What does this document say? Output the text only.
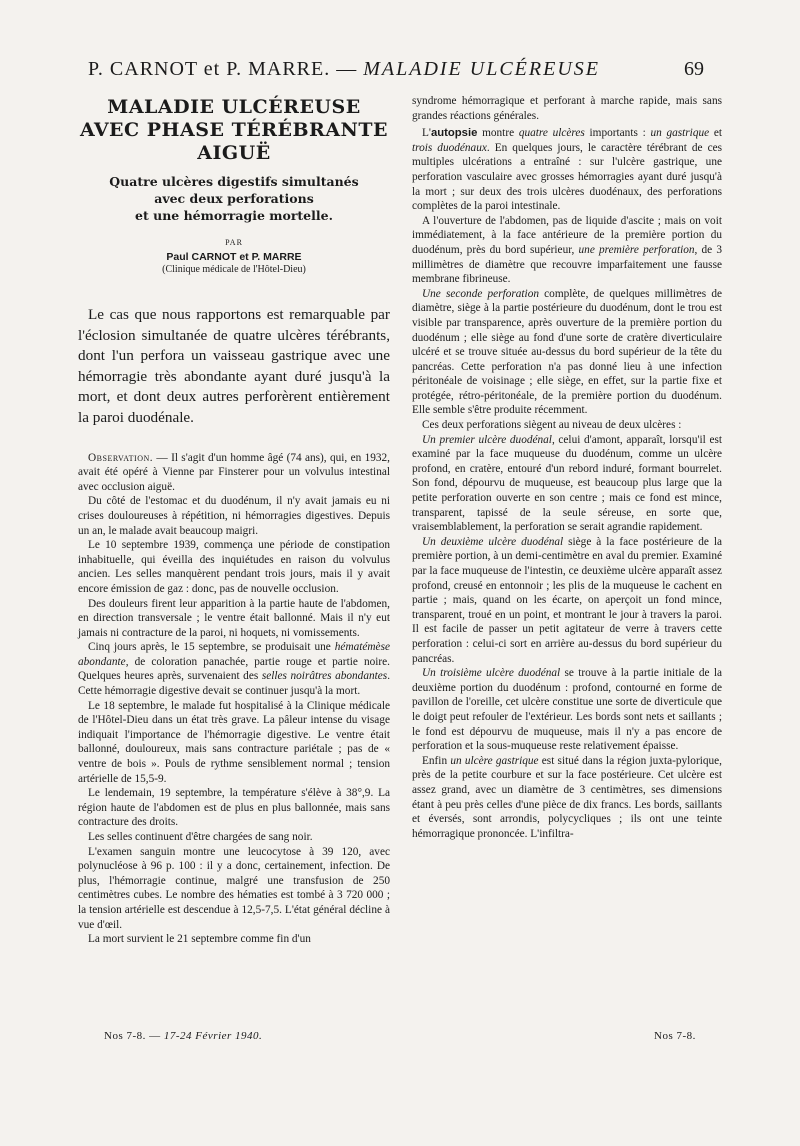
P. CARNOT et P. MARRE. — MALADIE ULCÉREUSE	69
MALADIE ULCÉREUSE
AVEC PHASE TÉRÉBRANTE
AIGUË

Quatre ulcères digestifs simultanés
avec deux perforations
et une hémorragie mortelle.

PAR

Paul CARNOT et P. MARRE

(Clinique médicale de l'Hôtel-Dieu)

Le cas que nous rapportons est remarquable par l'éclosion simultanée de quatre ulcères térébrants, dont l'un perfora un vaisseau gastrique avec une hémorragie très abondante ayant duré jusqu'à la mort, et dont deux autres perforèrent entièrement la paroi duodénale.

Observation. — Il s'agit d'un homme âgé (74 ans), qui, en 1932, avait été opéré à Vienne par Finsterer pour un volvulus intestinal avec occlusion aiguë.

Du côté de l'estomac et du duodénum, il n'y avait jamais eu ni crises douloureuses à répétition, ni hémorragies digestives. Depuis un an, le malade avait beaucoup maigri.

Le 10 septembre 1939, commença une période de constipation inhabituelle, qui éveilla des inquiétudes en raison du volvulus ancien. Les selles manquèrent pendant trois jours, mais il y avait encore émission de gaz : donc, pas de nouvelle occlusion.

Des douleurs firent leur apparition à la partie haute de l'abdomen, en direction transversale ; le ventre était ballonné. Mais il n'y eut jamais ni contracture de la paroi, ni hoquets, ni vomissements.

Cinq jours après, le 15 septembre, se produisait une hématémèse abondante, de coloration panachée, partie rouge et partie noire. Quelques heures après, survenaient des selles noirâtres abondantes. Cette hémorragie digestive devait se continuer jusqu'à la mort.

Le 18 septembre, le malade fut hospitalisé à la Clinique médicale de l'Hôtel-Dieu dans un état très grave. La pâleur intense du visage indiquait l'importance de l'hémorragie digestive. Le ventre était ballonné, douloureux, mais sans contracture pariétale ; pas de « ventre de bois ». Pouls de rythme sensiblement normal ; tension artérielle de 15,5-9.

Le lendemain, 19 septembre, la température s'élève à 38°,9. La région haute de l'abdomen est de plus en plus ballonnée, mais sans contracture des droits.

Les selles continuent d'être chargées de sang noir.

L'examen sanguin montre une leucocytose à 39 120, avec polynucléose à 96 p. 100 : il y a donc, certainement, infection. De plus, l'hémorragie continue, malgré une transfusion de 250 centimètres cubes. Le nombre des hématies est tombé à 3 720 000 ; la tension artérielle est descendue à 12,5-7,5. L'état général décline à vue d'œil.

La mort survient le 21 septembre comme fin d'un

syndrome hémorragique et perforant à marche rapide, mais sans grandes réactions générales.

L'autopsie montre quatre ulcères importants : un gastrique et trois duodénaux. En quelques jours, le caractère térébrant de ces multiples ulcérations a entraîné : sur l'ulcère gastrique, une perforation vasculaire avec grosses hémorragies ayant duré jusqu'à la mort ; sur deux des trois ulcères duodénaux, des perforations complètes de la paroi intestinale.

A l'ouverture de l'abdomen, pas de liquide d'ascite ; mais on voit immédiatement, à la face antérieure de la première portion du duodénum, près du bord supérieur, une première perforation, de 3 millimètres de diamètre que recouvre imparfaitement une fausse membrane fibrineuse.

Une seconde perforation complète, de quelques millimètres de diamètre, siège à la partie postérieure du duodénum, dont le trou est visible par transparence, après ouverture de la première portion du duodénum ; elle siège au fond d'une sorte de cratère diverticulaire ulcéré et se trouve située au-dessus du bord supérieur de la tête du pancréas. Cette perforation n'a pas donné lieu à une infection péritonéale de voisinage ; elle siège, en effet, sur la partie fixe et protégée, rétro-péritonéale, de la première portion du duodénum. Elle semble s'être produite récemment.

Ces deux perforations siègent au niveau de deux ulcères :

Un premier ulcère duodénal, celui d'amont, apparaît, lorsqu'il est examiné par la face muqueuse du duodénum, comme un ulcère profond, en cratère, entouré d'un rebord induré, formant bourrelet. Son fond, dépourvu de muqueuse, est beaucoup plus large que la petite perforation ouverte en son centre ; mais ce fond est mince, transparent, tapissé de la seule séreuse, en sorte que, vraisemblablement, la perforation se serait agrandie rapidement.

Un deuxième ulcère duodénal siège à la face postérieure de la première portion, à un demi-centimètre en aval du premier. Examiné par la face muqueuse de l'intestin, ce deuxième ulcère apparaît assez profond, creusé en entonnoir ; les plis de la muqueuse le cachent en partie ; mais, quand on les écarte, on aperçoit un fond mince, transparent, troué en un point, et montrant le jour à travers la paroi. Il est facile de passer un petit agitateur de verre à travers cette perforation : celui-ci sort en arrière au-dessus du bord supérieur du pancréas.

Un troisième ulcère duodénal se trouve à la partie initiale de la deuxième portion du duodénum : profond, contourné en forme de pavillon de l'oreille, cet ulcère constitue une sorte de diverticule que le doigt peut refouler de l'extérieur. Les bords sont nets et saillants ; le fond est dépourvu de muqueuse, mais il n'y a pas encore de perforation et la sous-muqueuse reste relativement épaisse.

Enfin un ulcère gastrique est situé dans la région juxta-pylorique, près de la petite courbure et sur la face postérieure. Cet ulcère est assez grand, avec un diamètre de 3 centimètres, ses dimensions étant à peu près celles d'une pièce de dix francs. Les bords, saillants et éversés, sont arrondis, polycycliques ; ils ont une teinte hémorragique prononcée. L'infiltra-

Nos 7-8. — 17-24 Février 1940.	Nos 7-8.
